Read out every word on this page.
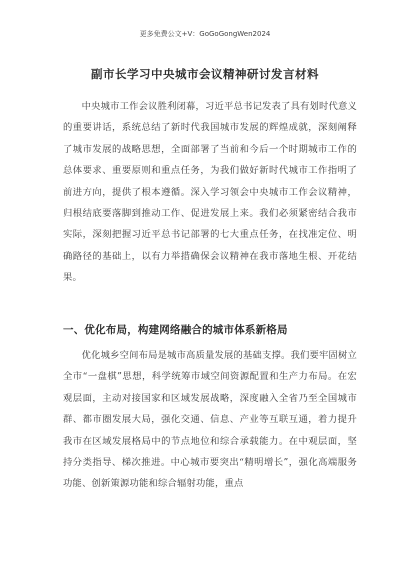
更多免费公文+V：GoGoGongWen2024
副市长学习中央城市会议精神研讨发言材料

中央城市工作会议胜利闭幕，习近平总书记发表了具有划时代意义的重要讲话，系统总结了新时代我国城市发展的辉煌成就，深刻阐释了城市发展的战略思想，全面部署了当前和今后一个时期城市工作的总体要求、重要原则和重点任务，为我们做好新时代城市工作指明了前进方向，提供了根本遵循。深入学习领会中央城市工作会议精神，归根结底要落脚到推动工作、促进发展上来。我们必须紧密结合我市实际，深刻把握习近平总书记部署的七大重点任务，在找准定位、明确路径的基础上，以有力举措确保会议精神在我市落地生根、开花结果。

一、优化布局，构建网络融合的城市体系新格局

优化城乡空间布局是城市高质量发展的基础支撑。我们要牢固树立全市“一盘棋”思想，科学统筹市域空间资源配置和生产力布局。在宏观层面，主动对接国家和区域发展战略，深度融入全省乃至全国城市群、都市圈发展大局，强化交通、信息、产业等互联互通，着力提升我市在区域发展格局中的节点地位和综合承载能力。在中观层面，坚持分类指导、梯次推进。中心城市要突出“精明增长”，强化高端服务功能、创新策源功能和综合辐射功能，重点
